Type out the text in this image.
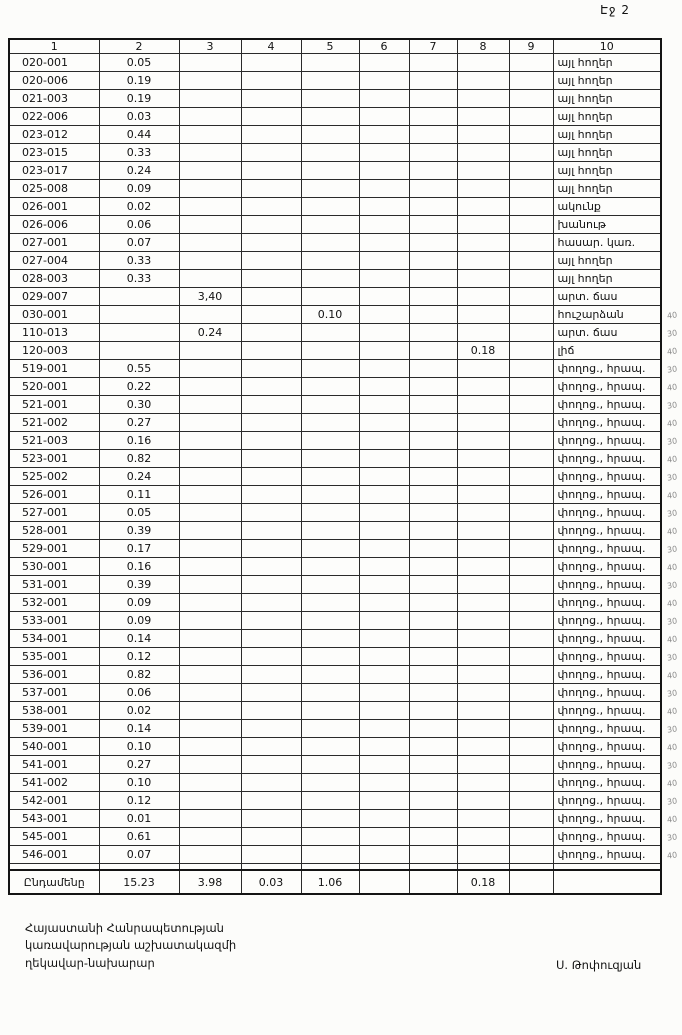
Էջ 2
1	2	3	4	5	6	7	8	9	10
020-001	0.05								այլ հողեր
020-006	0.19								այլ հողեր
021-003	0.19								այլ հողեր
022-006	0.03								այլ հողեր
023-012	0.44								այլ հողեր
023-015	0.33								այլ հողեր
023-017	0.24								այլ հողեր
025-008	0.09								այլ հողեր
026-001	0.02								ակունք
026-006	0.06								խանութ
027-001	0.07								հասար. կառ.
027-004	0.33								այլ հողեր
028-003	0.33								այլ հողեր
029-007		3,40							արտ. ճաս
030-001				0.10					հուշարձան 40

110-013		0.24							արտ. ճաս 30

120-003							0.18		լիճ 40

519-001	0.55								փողոց., հրապ. 30

520-001	0.22								փողոց., հրապ. 40

521-001	0.30								փողոց., հրապ. 30

521-002	0.27								փողոց., հրապ. 40

521-003	0.16								փողոց., հրապ. 30

523-001	0.82								փողոց., հրապ. 40

525-002	0.24								փողոց., հրապ. 30

526-001	0.11								փողոց., հրապ. 40

527-001	0.05								փողոց., հրապ. 30

528-001	0.39								փողոց., հրապ. 40

529-001	0.17								փողոց., հրապ. 30

530-001	0.16								փողոց., հրապ. 40

531-001	0.39								փողոց., հրապ. 30

532-001	0.09								փողոց., հրապ. 40

533-001	0.09								փողոց., հրապ. 30

534-001	0.14								փողոց., հրապ. 40

535-001	0.12								փողոց., հրապ. 30

536-001	0.82								փողոց., հրապ. 40

537-001	0.06								փողոց., հրապ. 30

538-001	0.02								փողոց., հրապ. 40

539-001	0.14								փողոց., հրապ. 30

540-001	0.10								փողոց., հրապ. 40

541-001	0.27								փողոց., հրապ. 30

541-002	0.10								փողոց., հրապ. 40

542-001	0.12								փողոց., հրապ. 30

543-001	0.01								փողոց., հրապ. 40

545-001	0.61								փողոց., հրապ. 30

546-001	0.07								փողոց., հրապ. 40

Ընդամենը	15.23	3.98	0.03	1.06			0.18		
Հայաստանի Հանրապետության
կառավարության աշխատակազմի
ղեկավար-նախարար	Ս. Թոփուզյան
